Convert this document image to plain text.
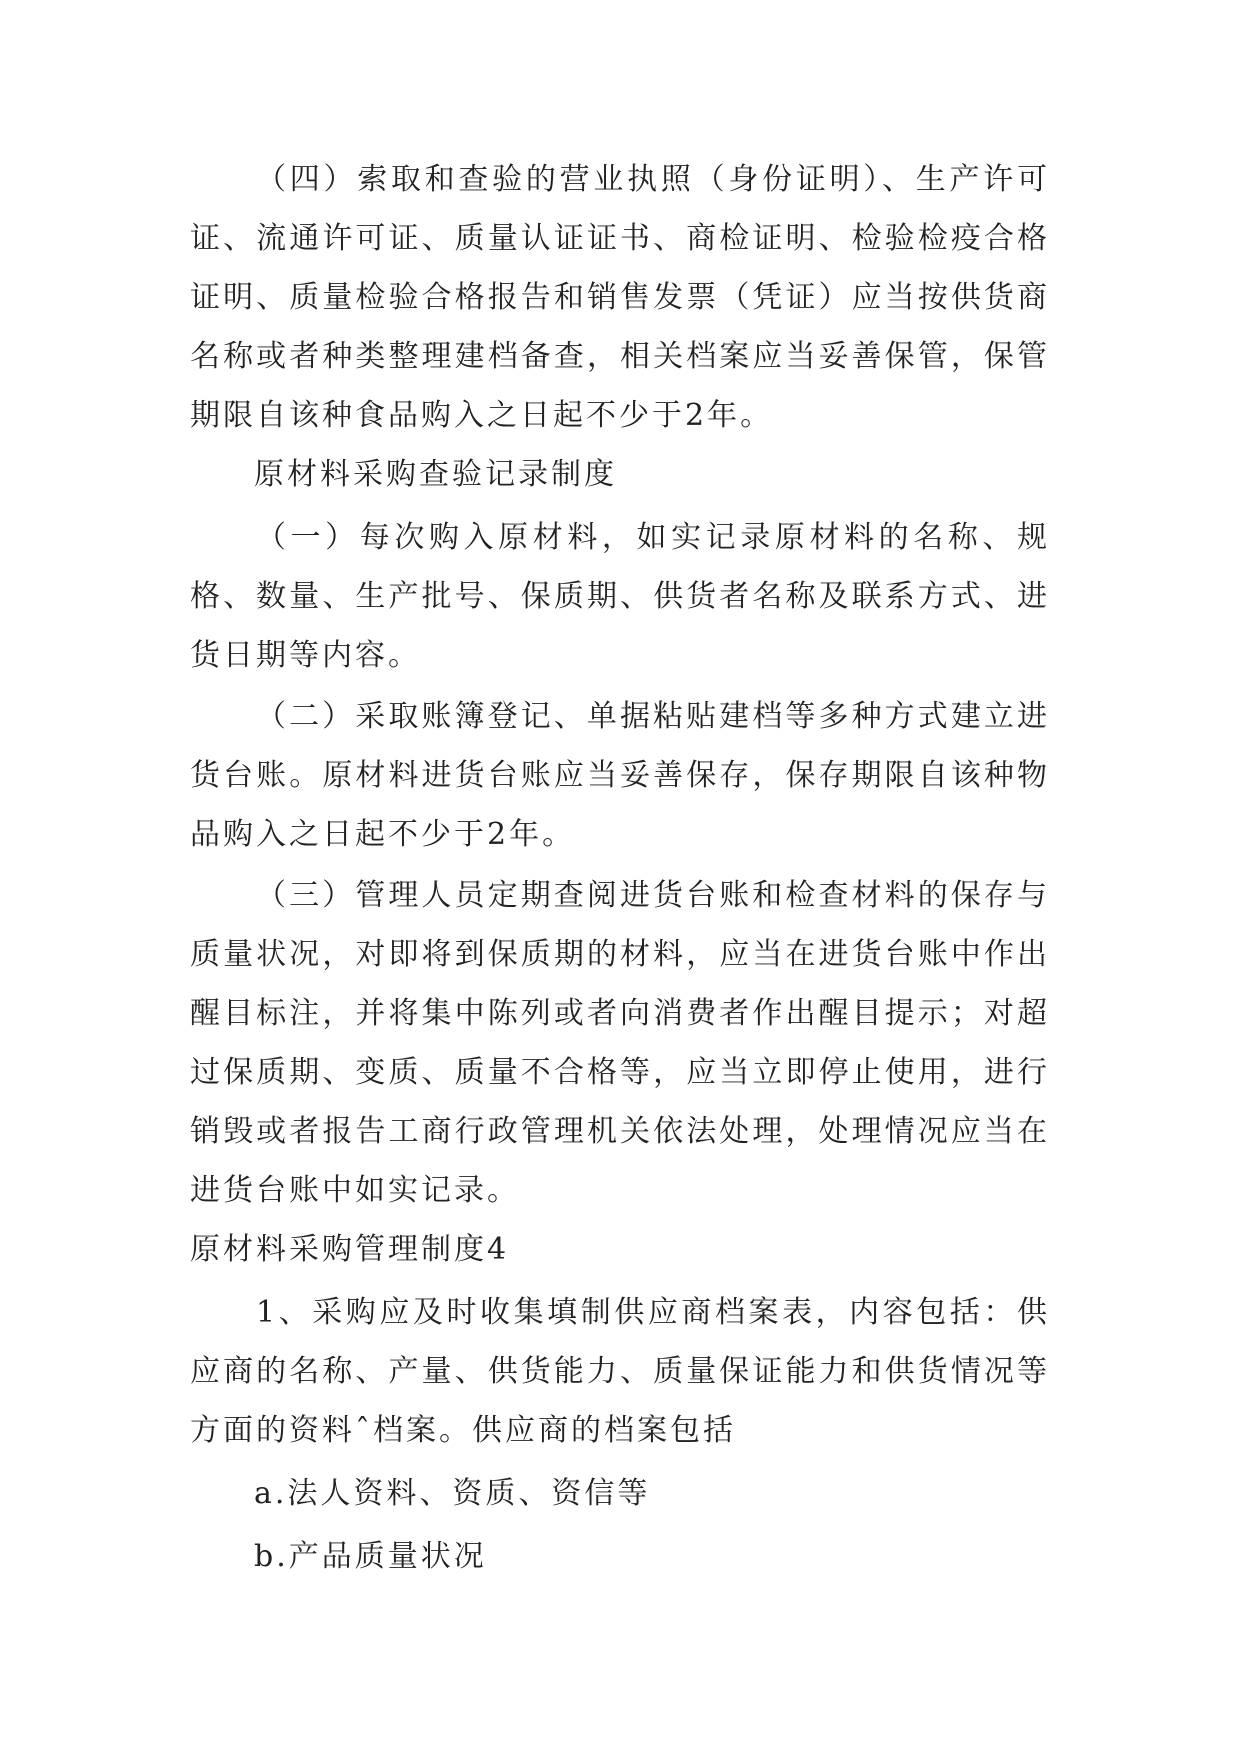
（四）索取和查验的营业执照（身份证明）、生产许可证、流通许可证、质量认证证书、商检证明、检验检疫合格证明、质量检验合格报告和销售发票（凭证）应当按供货商名称或者种类整理建档备查，相关档案应当妥善保管，保管期限自该种食品购入之日起不少于2年。

原材料采购查验记录制度

（一）每次购入原材料，如实记录原材料的名称、规格、数量、生产批号、保质期、供货者名称及联系方式、进货日期等内容。

（二）采取账簿登记、单据粘贴建档等多种方式建立进货台账。原材料进货台账应当妥善保存，保存期限自该种物品购入之日起不少于2年。

（三）管理人员定期查阅进货台账和检查材料的保存与质量状况，对即将到保质期的材料，应当在进货台账中作出醒目标注，并将集中陈列或者向消费者作出醒目提示；对超过保质期、变质、质量不合格等，应当立即停止使用，进行销毁或者报告工商行政管理机关依法处理，处理情况应当在进货台账中如实记录。

原材料采购管理制度4

1、采购应及时收集填制供应商档案表，内容包括：供应商的名称、产量、供货能力、质量保证能力和供货情况等方面的资料ˆ档案。供应商的档案包括

a.法人资料、资质、资信等

b.产品质量状况
